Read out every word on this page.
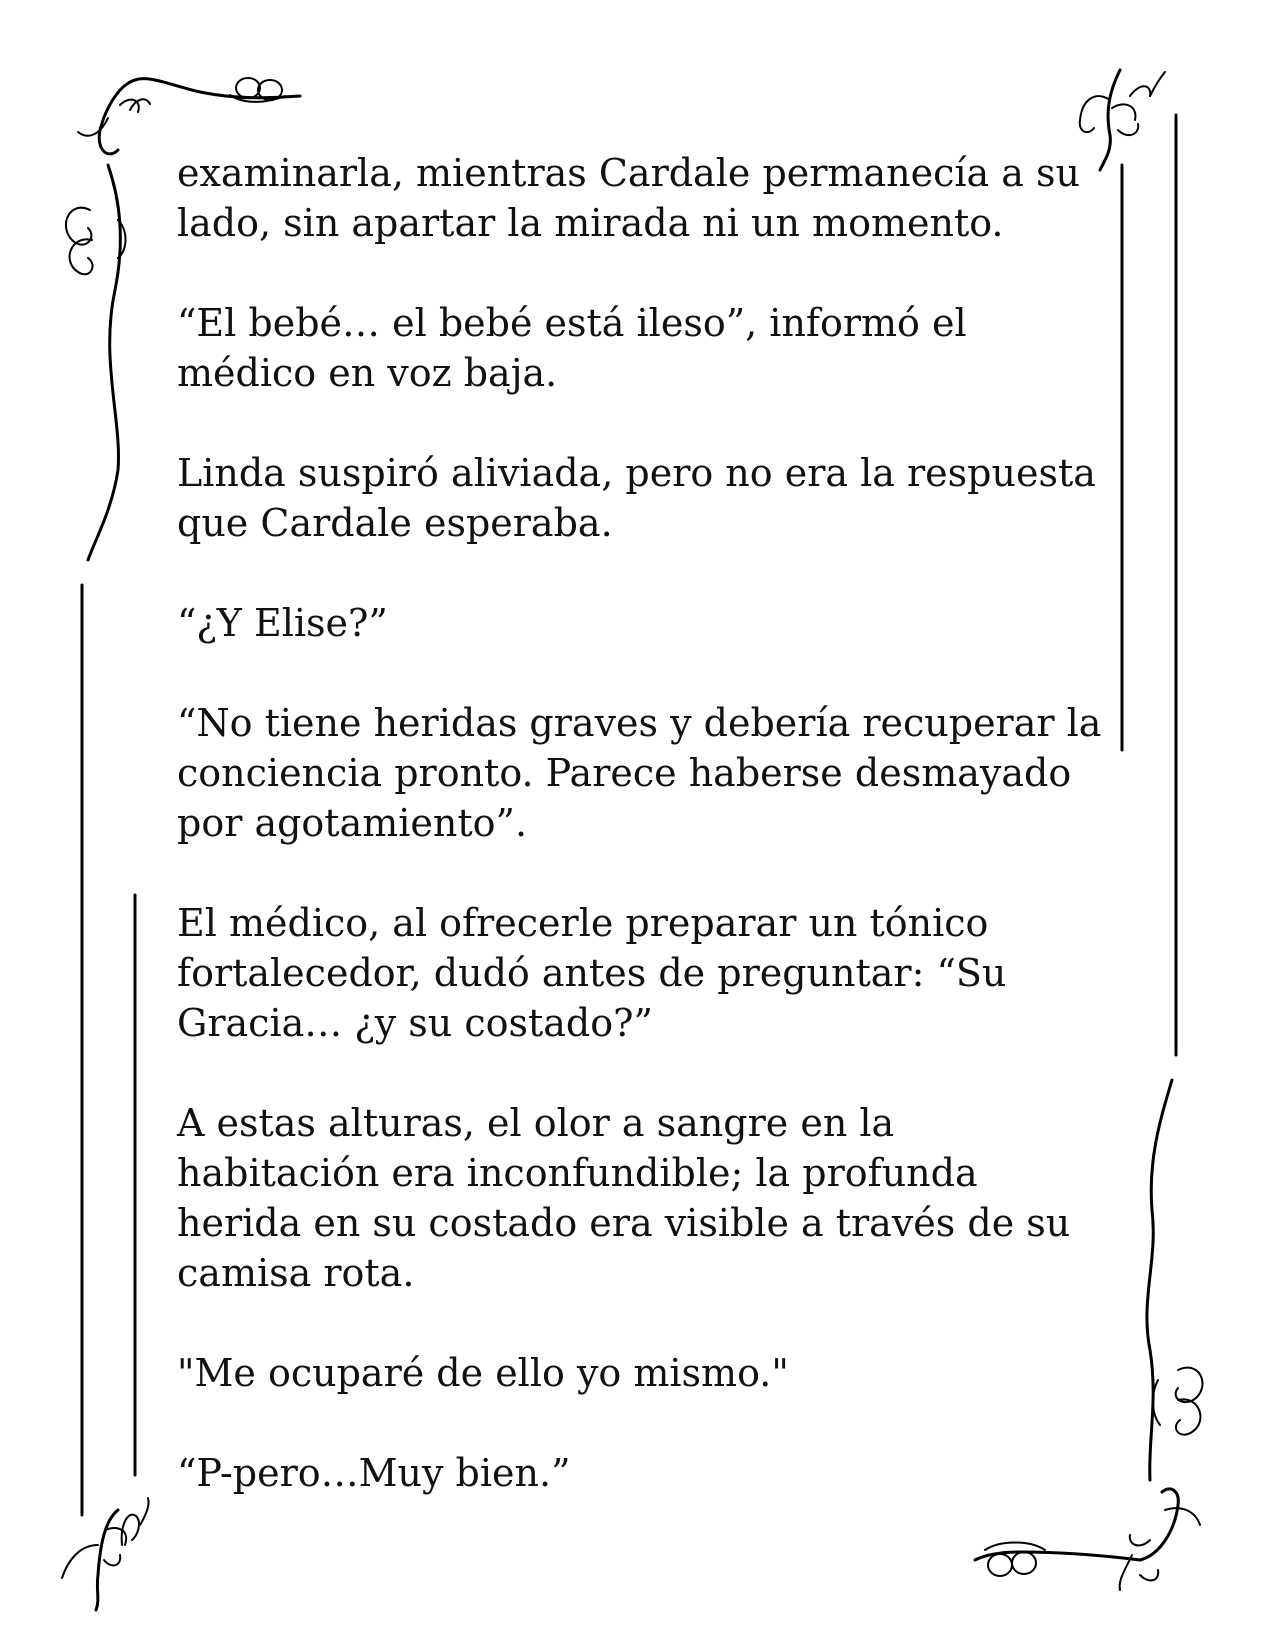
examinarla, mientras Cardale permanecía a su lado, sin apartar la mirada ni un momento.

“El bebé… el bebé está ileso”, informó el médico en voz baja.

Linda suspiró aliviada, pero no era la respuesta que Cardale esperaba.

“¿Y Elise?”

“No tiene heridas graves y debería recuperar la conciencia pronto. Parece haberse desmayado por agotamiento”.

El médico, al ofrecerle preparar un tónico fortalecedor, dudó antes de preguntar: “Su Gracia… ¿y su costado?”

A estas alturas, el olor a sangre en la habitación era inconfundible; la profunda herida en su costado era visible a través de su camisa rota.

"Me ocuparé de ello yo mismo."

“P-pero…Muy bien.”
